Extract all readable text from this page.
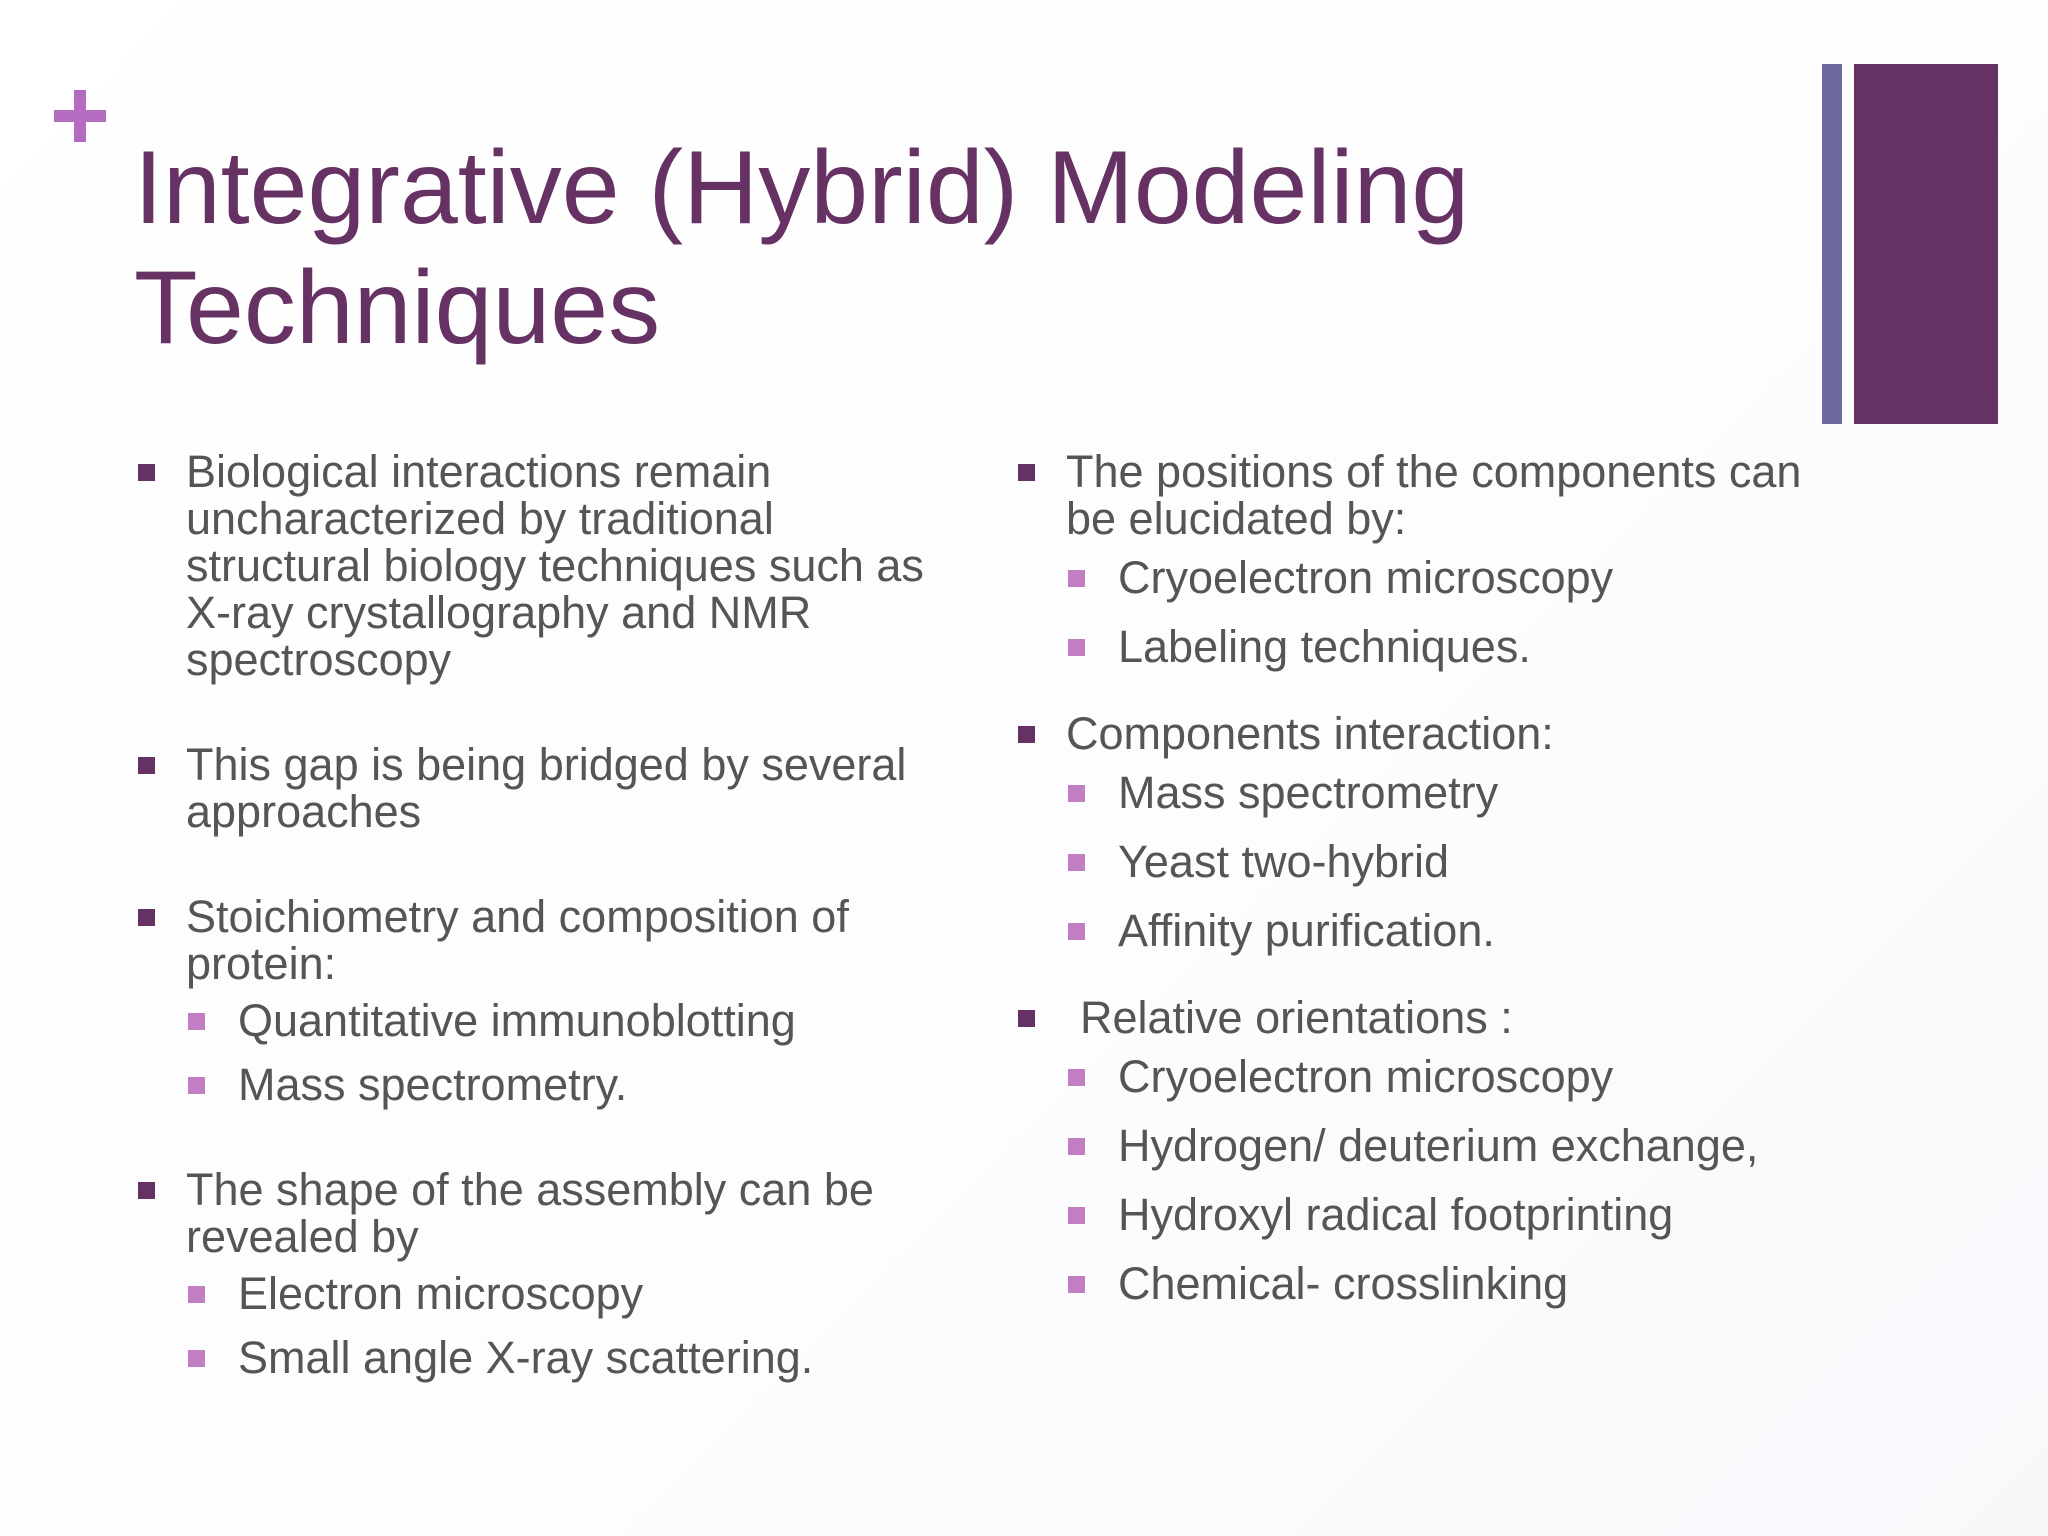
Integrative (Hybrid) Modeling Techniques
Biological interactions remain uncharacterized by traditional structural biology techniques such as X-ray crystallography and NMR spectroscopy
This gap is being bridged by several approaches
Stoichiometry and composition of protein:
Quantitative immunoblotting
Mass spectrometry.
The shape of the assembly can be revealed by
Electron microscopy
Small angle X-ray scattering.
The positions of the components can be elucidated by:
Cryoelectron microscopy
Labeling techniques.
Components interaction:
Mass spectrometry
Yeast two-hybrid
Affinity purification.
Relative orientations :
Cryoelectron microscopy
Hydrogen/ deuterium exchange,
Hydroxyl radical footprinting
Chemical- crosslinking
